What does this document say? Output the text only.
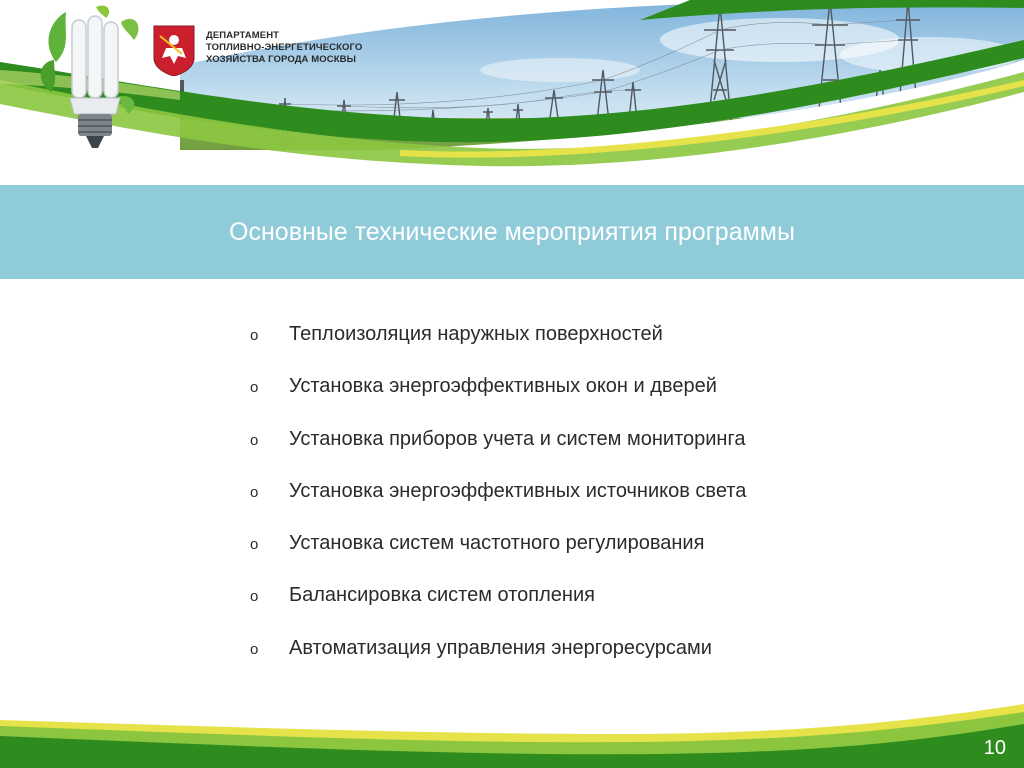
ДЕПАРТАМЕНТ
ТОПЛИВНО-ЭНЕРГЕТИЧЕСКОГО
ХОЗЯЙСТВА ГОРОДА МОСКВЫ
Основные технические мероприятия программы
o Теплоизоляция наружных поверхностей
o Установка энергоэффективных окон и дверей
o Установка приборов учета и систем мониторинга
o Установка энергоэффективных источников света
o Установка систем частотного регулирования
o Балансировка систем отопления
o Автоматизация управления энергоресурсами
10
